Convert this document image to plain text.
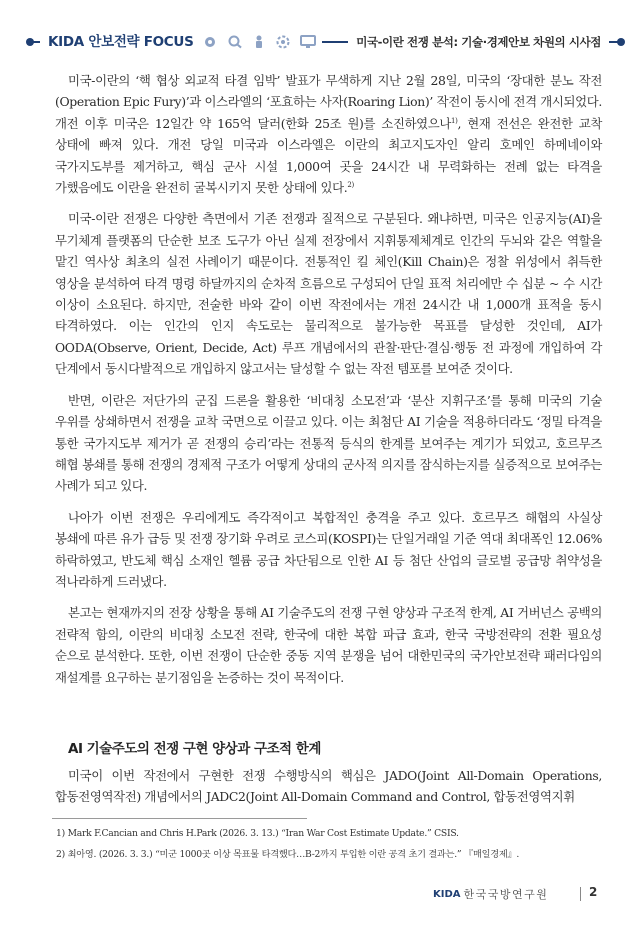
KIDA 안보전략 FOCUS	미국-이란 전쟁 분석: 기술·경제안보 차원의 시사점

미국-이란의 ‘핵 협상 외교적 타결 임박’ 발표가 무색하게 지난 2월 28일, 미국의 ‘장대한 분노 작전(Operation Epic Fury)’과 이스라엘의 ‘포효하는 사자(Roaring Lion)’ 작전이 동시에 전격 개시되었다. 개전 이후 미국은 12일간 약 165억 달러(한화 25조 원)를 소진하였으나$^{1)}$, 현재 전선은 완전한 교착 상태에 빠져 있다. 개전 당일 미국과 이스라엘은 이란의 최고지도자인 알리 호메인 하메네이와 국가지도부를 제거하고, 핵심 군사 시설 1,000여 곳을 24시간 내 무력화하는 전례 없는 타격을 가했음에도 이란을 완전히 굴복시키지 못한 상태에 있다.$^{2)}$

미국-이란 전쟁은 다양한 측면에서 기존 전쟁과 질적으로 구분된다. 왜냐하면, 미국은 인공지능(AI)을 무기체계 플랫폼의 단순한 보조 도구가 아닌 실제 전장에서 지휘통제체계로 인간의 두뇌와 같은 역할을 맡긴 역사상 최초의 실전 사례이기 때문이다. 전통적인 킬 체인(Kill Chain)은 정찰 위성에서 취득한 영상을 분석하여 타격 명령 하달까지의 순차적 흐름으로 구성되어 단일 표적 처리에만 수 십분 ~ 수 시간 이상이 소요된다. 하지만, 전술한 바와 같이 이번 작전에서는 개전 24시간 내 1,000개 표적을 동시 타격하였다. 이는 인간의 인지 속도로는 물리적으로 불가능한 목표를 달성한 것인데, AI가 OODA(Observe, Orient, Decide, Act) 루프 개념에서의 관찰·판단·결심·행동 전 과정에 개입하여 각 단계에서 동시다발적으로 개입하지 않고서는 달성할 수 없는 작전 템포를 보여준 것이다.

반면, 이란은 저단가의 군집 드론을 활용한 ‘비대칭 소모전’과 ‘분산 지휘구조’를 통해 미국의 기술 우위를 상쇄하면서 전쟁을 교착 국면으로 이끌고 있다. 이는 최첨단 AI 기술을 적용하더라도 ‘정밀 타격을 통한 국가지도부 제거가 곧 전쟁의 승리’라는 전통적 등식의 한계를 보여주는 계기가 되었고, 호르무즈 해협 봉쇄를 통해 전쟁의 경제적 구조가 어떻게 상대의 군사적 의지를 잠식하는지를 실증적으로 보여주는 사례가 되고 있다.

나아가 이번 전쟁은 우리에게도 즉각적이고 복합적인 충격을 주고 있다. 호르무즈 해협의 사실상 봉쇄에 따른 유가 급등 및 전쟁 장기화 우려로 코스피(KOSPI)는 단일거래일 기준 역대 최대폭인 12.06% 하락하였고, 반도체 핵심 소재인 헬륨 공급 차단됨으로 인한 AI 등 첨단 산업의 글로벌 공급망 취약성을 적나라하게 드러냈다.

본고는 현재까지의 전장 상황을 통해 AI 기술주도의 전쟁 구현 양상과 구조적 한계, AI 거버넌스 공백의 전략적 함의, 이란의 비대칭 소모전 전략, 한국에 대한 복합 파급 효과, 한국 국방전략의 전환 필요성 순으로 분석한다. 또한, 이번 전쟁이 단순한 중동 지역 분쟁을 넘어 대한민국의 국가안보전략 패러다임의 재설계를 요구하는 분기점임을 논증하는 것이 목적이다.

AI 기술주도의 전쟁 구현 양상과 구조적 한계

미국이 이번 작전에서 구현한 전쟁 수행방식의 핵심은 JADO(Joint All-Domain Operations, 합동전영역작전) 개념에서의 JADC2(Joint All-Domain Command and Control, 합동전영역지휘

1) Mark F.Cancian and Chris H.Park (2026. 3. 13.) “Iran War Cost Estimate Update.” CSIS.
2) 최아영. (2026. 3. 3.) “미군 1000곳 이상 목표물 타격했다…B-2까지 투입한 이란 공격 초기 결과는.” 『매일경제』.
KIDA 한국국방연구원	2
